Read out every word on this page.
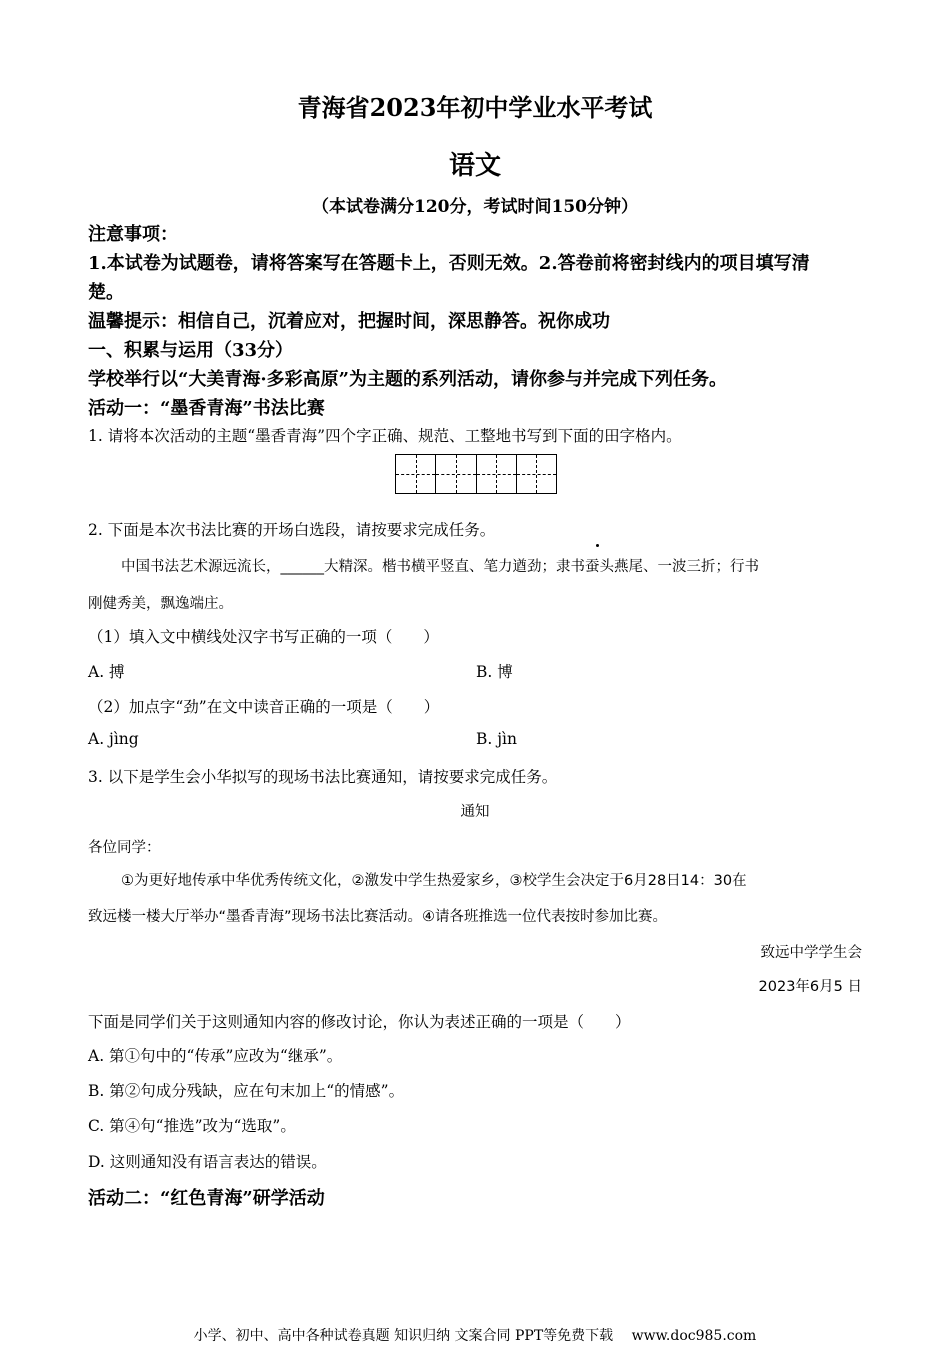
青海省2023年初中学业水平考试
语文
（本试卷满分120分，考试时间150分钟）
注意事项：
1.本试卷为试题卷，请将答案写在答题卡上，否则无效。2.答卷前将密封线内的项目填写清
楚。
温馨提示：相信自己，沉着应对，把握时间，深思静答。祝你成功
一、积累与运用（33分）
学校举行以“大美青海·多彩高原”为主题的系列活动，请你参与并完成下列任务。
活动一：“墨香青海”书法比赛
1. 请将本次活动的主题“墨香青海”四个字正确、规范、工整地书写到下面的田字格内。
2. 下面是本次书法比赛的开场白选段，请按要求完成任务。
中国书法艺术源远流长，______大精深。楷书横平竖直、笔力遒劲；隶书蚕头燕尾、一波三折；行书
刚健秀美，飘逸端庄。
（1）填入文中横线处汉字书写正确的一项（　　）
A. 搏	B. 博
（2）加点字“劲”在文中读音正确的一项是（　　）
A. jìng	B. jìn
3. 以下是学生会小华拟写的现场书法比赛通知，请按要求完成任务。
通知
各位同学：
①为更好地传承中华优秀传统文化，②激发中学生热爱家乡，③校学生会决定于6月28日14：30在
致远楼一楼大厅举办“墨香青海”现场书法比赛活动。④请各班推选一位代表按时参加比赛。
致远中学学生会
2023年6月5 日
下面是同学们关于这则通知内容的修改讨论，你认为表述正确的一项是（　　）
A. 第①句中的“传承”应改为“继承”。
B. 第②句成分残缺，应在句末加上“的情感”。
C. 第④句“推选”改为“选取”。
D. 这则通知没有语言表达的错误。
活动二：“红色青海”研学活动
小学、初中、高中各种试卷真题 知识归纳 文案合同 PPT等免费下载　 www.doc985.com
